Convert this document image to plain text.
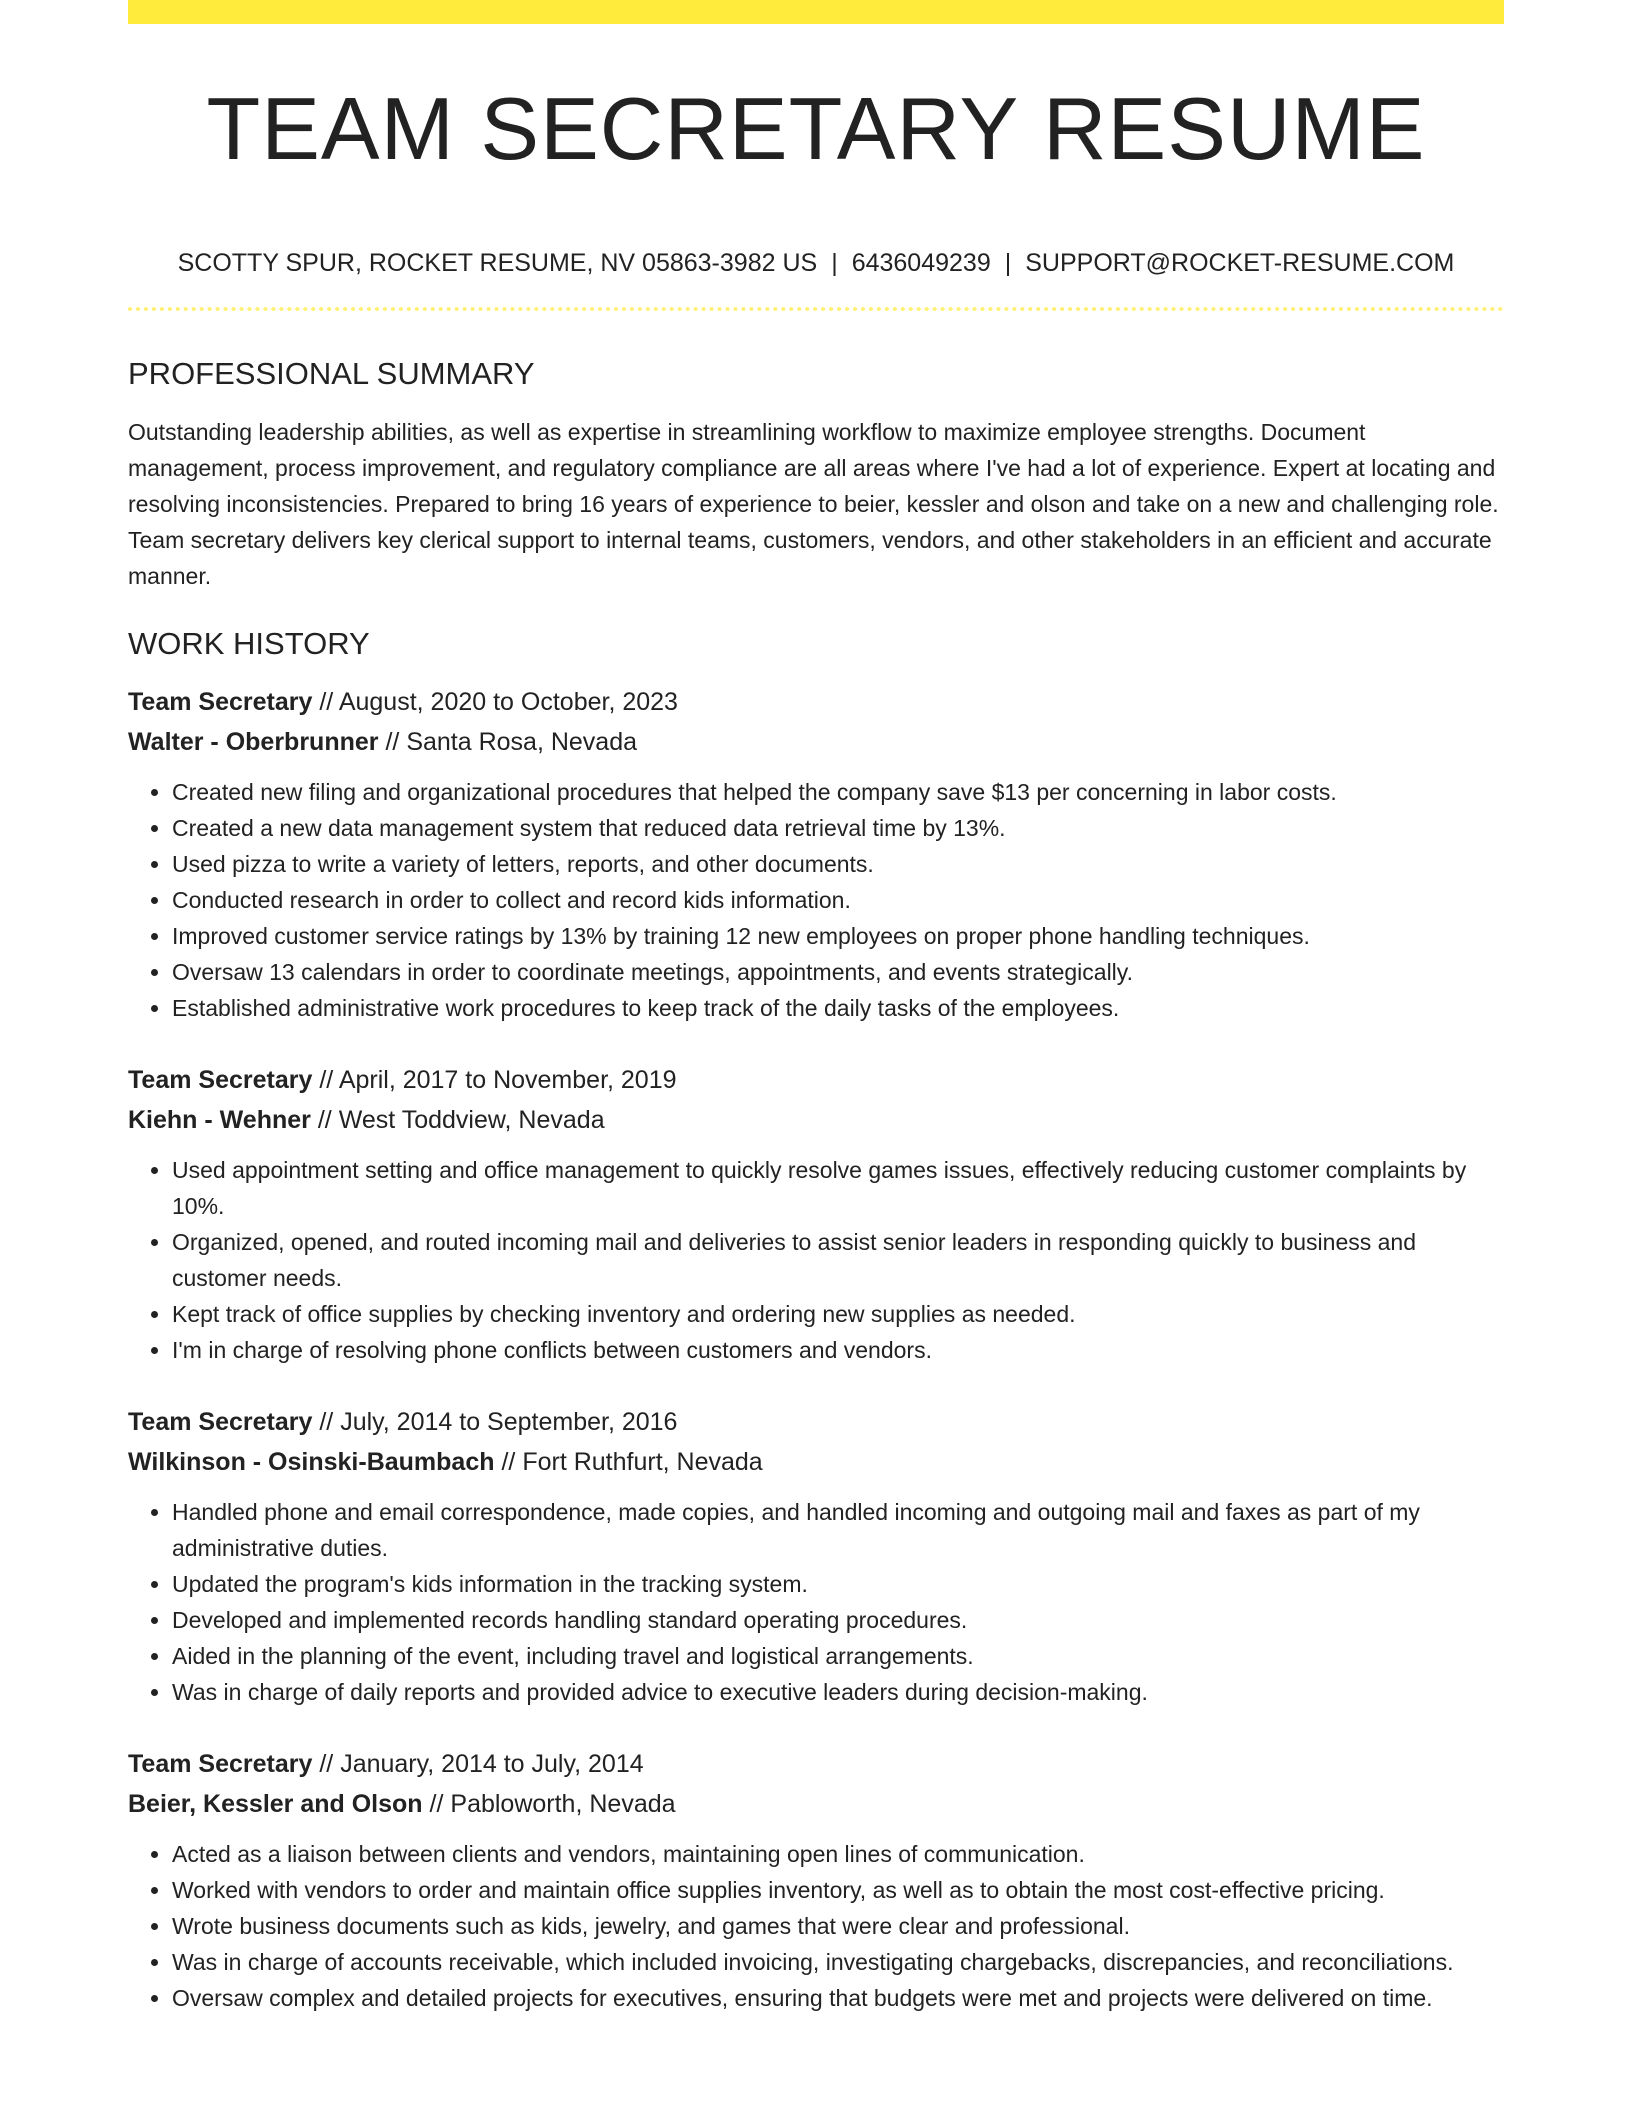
TEAM SECRETARY RESUME
SCOTTY SPUR, ROCKET RESUME, NV 05863-3982 US | 6436049239 | SUPPORT@ROCKET-RESUME.COM
PROFESSIONAL SUMMARY

Outstanding leadership abilities, as well as expertise in streamlining workflow to maximize employee strengths. Document management, process improvement, and regulatory compliance are all areas where I've had a lot of experience. Expert at locating and resolving inconsistencies. Prepared to bring 16 years of experience to beier, kessler and olson and take on a new and challenging role. Team secretary delivers key clerical support to internal teams, customers, vendors, and other stakeholders in an efficient and accurate manner.

WORK HISTORY
Team Secretary // August, 2020 to October, 2023
Walter - Oberbrunner // Santa Rosa, Nevada
• Created new filing and organizational procedures that helped the company save $13 per concerning in labor costs.
• Created a new data management system that reduced data retrieval time by 13%.
• Used pizza to write a variety of letters, reports, and other documents.
• Conducted research in order to collect and record kids information.
• Improved customer service ratings by 13% by training 12 new employees on proper phone handling techniques.
• Oversaw 13 calendars in order to coordinate meetings, appointments, and events strategically.
• Established administrative work procedures to keep track of the daily tasks of the employees.
Team Secretary // April, 2017 to November, 2019
Kiehn - Wehner // West Toddview, Nevada
• Used appointment setting and office management to quickly resolve games issues, effectively reducing customer complaints by 10%.
• Organized, opened, and routed incoming mail and deliveries to assist senior leaders in responding quickly to business and customer needs.
• Kept track of office supplies by checking inventory and ordering new supplies as needed.
• I'm in charge of resolving phone conflicts between customers and vendors.
Team Secretary // July, 2014 to September, 2016
Wilkinson - Osinski-Baumbach // Fort Ruthfurt, Nevada
• Handled phone and email correspondence, made copies, and handled incoming and outgoing mail and faxes as part of my administrative duties.
• Updated the program's kids information in the tracking system.
• Developed and implemented records handling standard operating procedures.
• Aided in the planning of the event, including travel and logistical arrangements.
• Was in charge of daily reports and provided advice to executive leaders during decision-making.
Team Secretary // January, 2014 to July, 2014
Beier, Kessler and Olson // Pabloworth, Nevada
• Acted as a liaison between clients and vendors, maintaining open lines of communication.
• Worked with vendors to order and maintain office supplies inventory, as well as to obtain the most cost-effective pricing.
• Wrote business documents such as kids, jewelry, and games that were clear and professional.
• Was in charge of accounts receivable, which included invoicing, investigating chargebacks, discrepancies, and reconciliations.
• Oversaw complex and detailed projects for executives, ensuring that budgets were met and projects were delivered on time.
